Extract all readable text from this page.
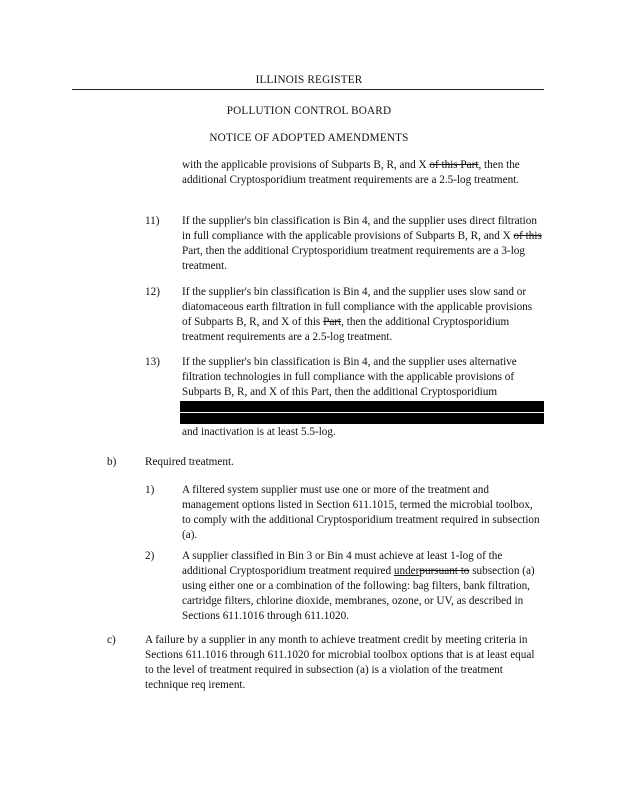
ILLINOIS REGISTER
POLLUTION CONTROL BOARD
NOTICE OF ADOPTED AMENDMENTS
with the applicable provisions of Subparts B, R, and X of this Part, then the additional Cryptosporidium treatment requirements are a 2.5-log treatment.
11) If the supplier's bin classification is Bin 4, and the supplier uses direct filtration in full compliance with the applicable provisions of Subparts B, R, and X of this Part, then the additional Cryptosporidium treatment requirements are a 3-log treatment.
12) If the supplier's bin classification is Bin 4, and the supplier uses slow sand or diatomaceous earth filtration in full compliance with the applicable provisions of Subparts B, R, and X of this Part, then the additional Cryptosporidium treatment requirements are a 2.5-log treatment.
13) If the supplier's bin classification is Bin 4, and the supplier uses alternative filtration technologies in full compliance with the applicable provisions of Subparts B, R, and X of this Part, then the additional Cryptosporidium
and inactivation is at least 5.5-log.
b)	Required treatment.
1) A filtered system supplier must use one or more of the treatment and management options listed in Section 611.1015, termed the microbial toolbox, to comply with the additional Cryptosporidium treatment required in subsection (a).
2) A supplier classified in Bin 3 or Bin 4 must achieve at least 1-log of the additional Cryptosporidium treatment required underpursuant to subsection (a) using either one or a combination of the following: bag filters, bank filtration, cartridge filters, chlorine dioxide, membranes, ozone, or UV, as described in Sections 611.1016 through 611.1020.
c)	A failure by a supplier in any month to achieve treatment credit by meeting criteria in Sections 611.1016 through 611.1020 for microbial toolbox options that is at least equal to the level of treatment required in subsection (a) is a violation of the treatment technique req irement.
